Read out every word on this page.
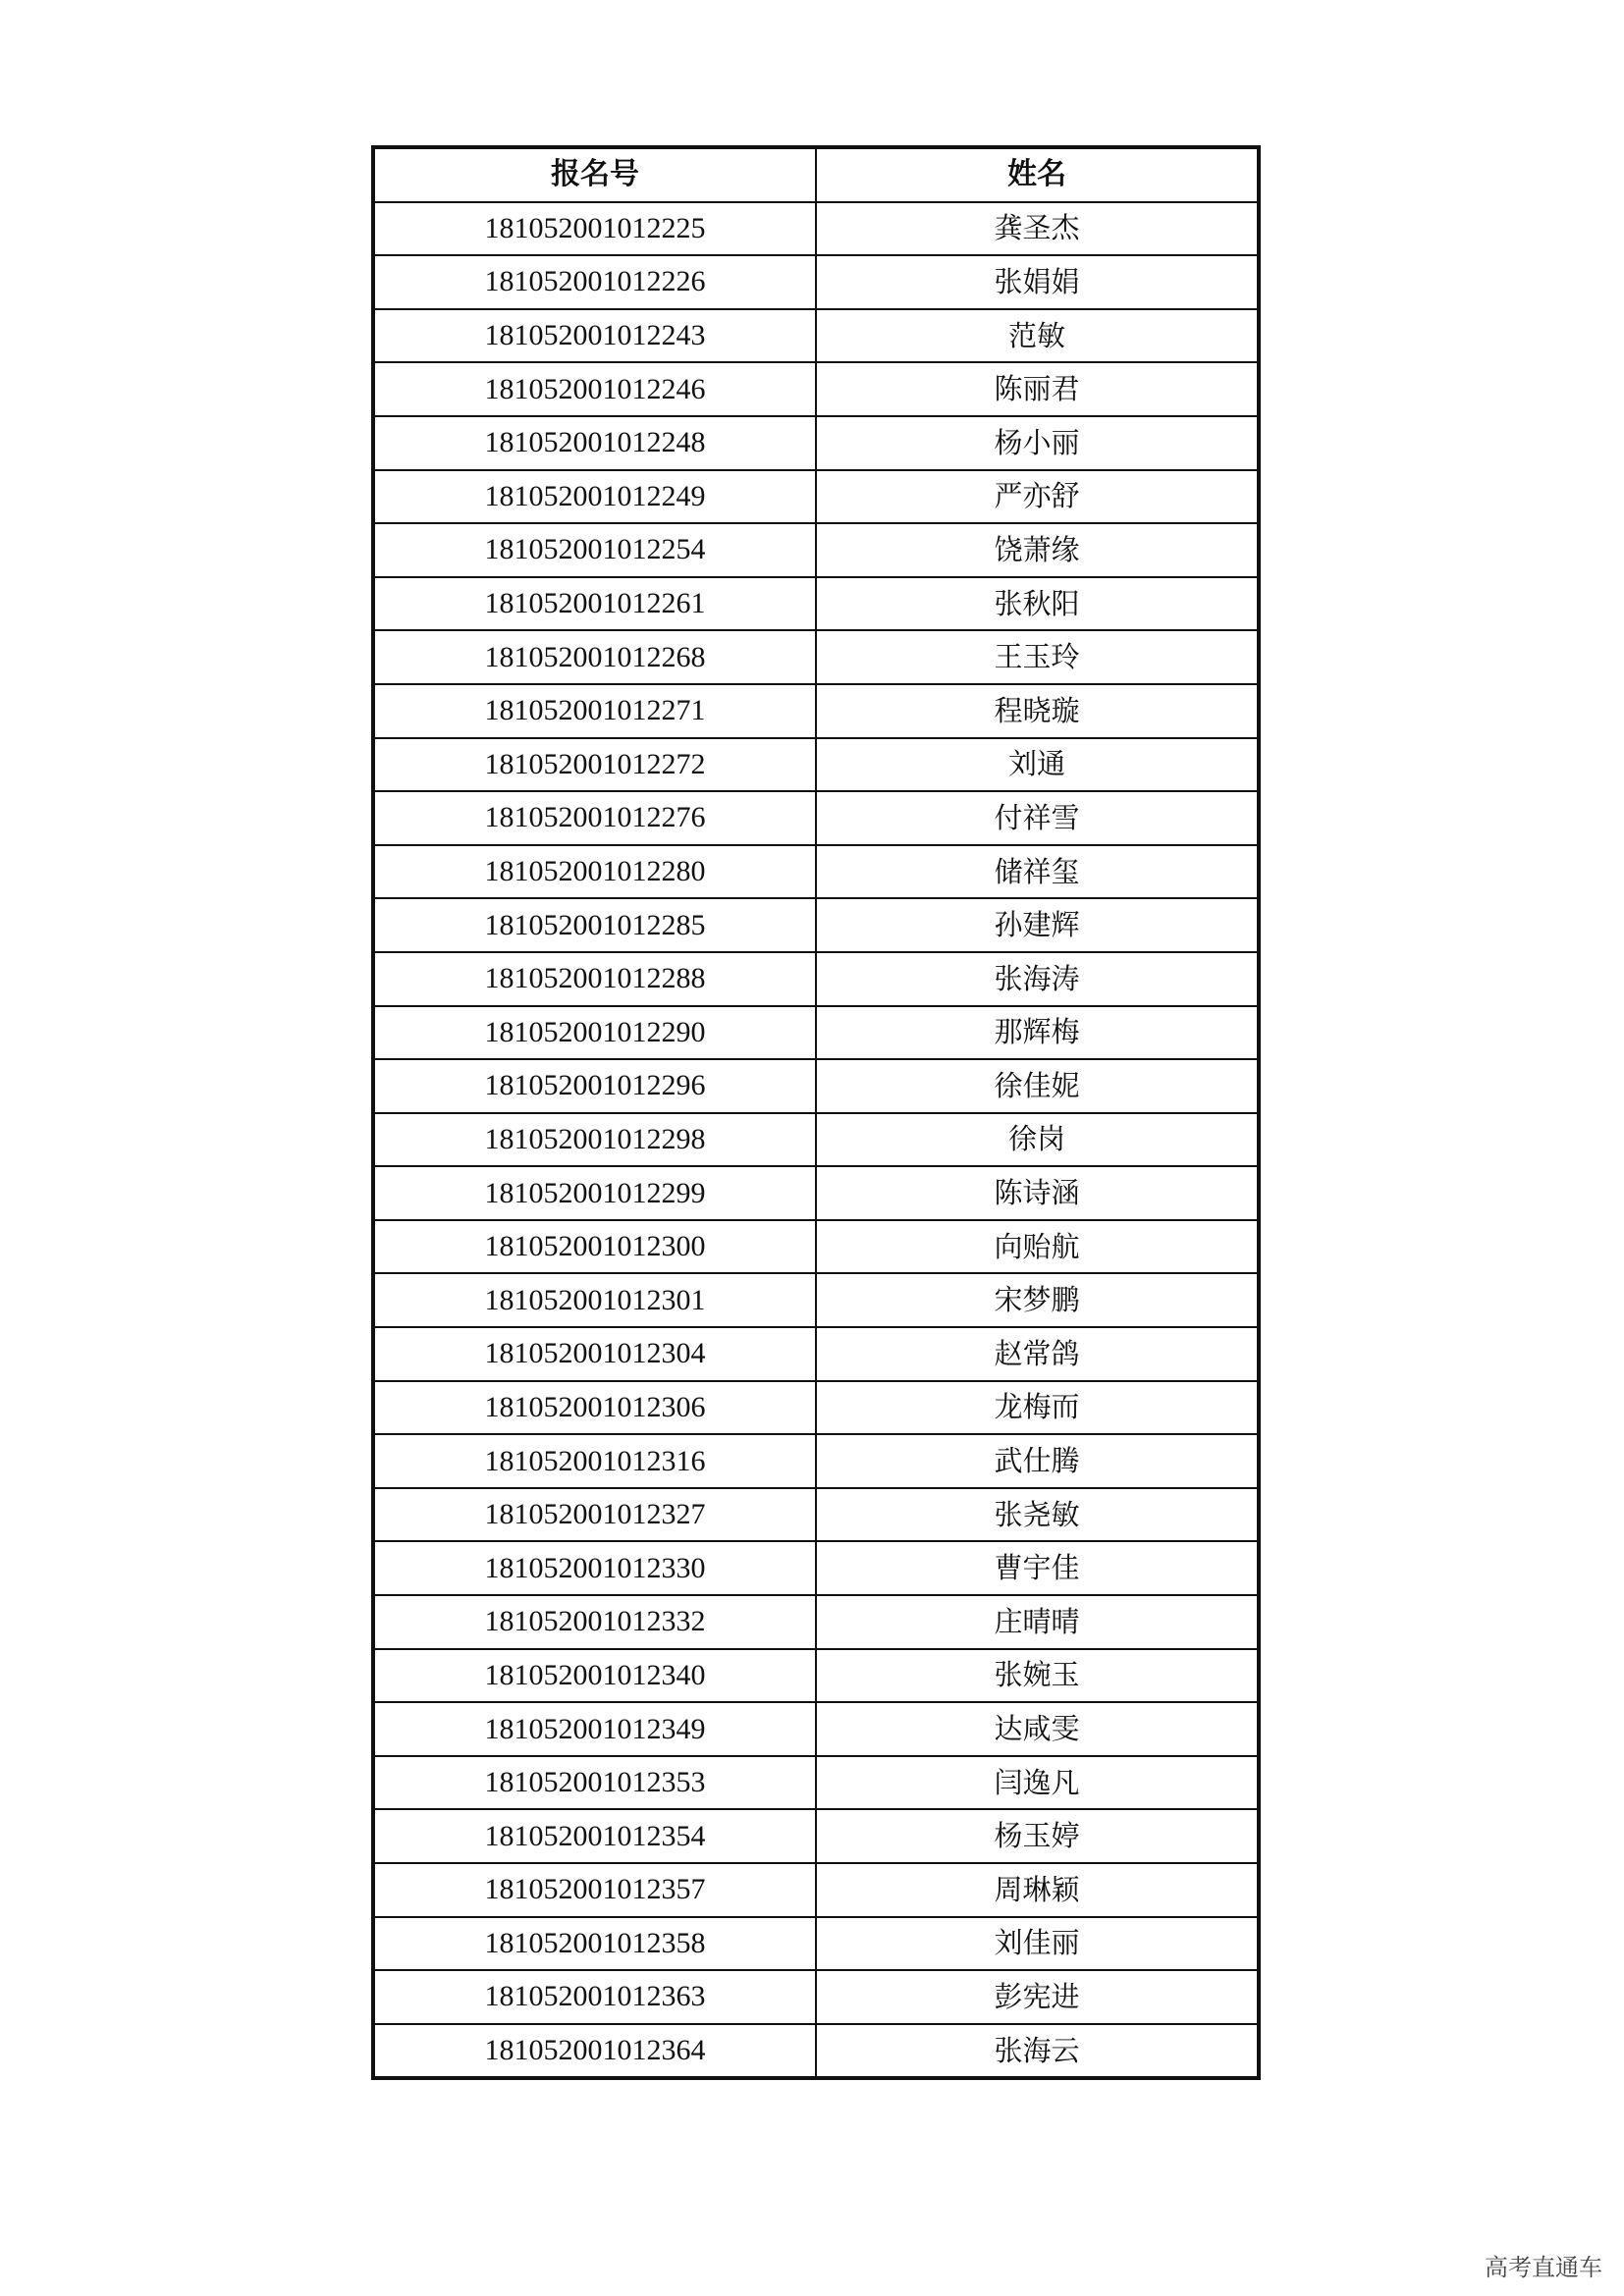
报名号	姓名
181052001012225	龚圣杰
181052001012226	张娟娟
181052001012243	范敏
181052001012246	陈丽君
181052001012248	杨小丽
181052001012249	严亦舒
181052001012254	饶萧缘
181052001012261	张秋阳
181052001012268	王玉玲
181052001012271	程晓璇
181052001012272	刘通
181052001012276	付祥雪
181052001012280	储祥玺
181052001012285	孙建辉
181052001012288	张海涛
181052001012290	那辉梅
181052001012296	徐佳妮
181052001012298	徐岗
181052001012299	陈诗涵
181052001012300	向贻航
181052001012301	宋梦鹏
181052001012304	赵常鸽
181052001012306	龙梅而
181052001012316	武仕腾
181052001012327	张尧敏
181052001012330	曹宇佳
181052001012332	庄晴晴
181052001012340	张婉玉
181052001012349	达咸雯
181052001012353	闫逸凡
181052001012354	杨玉婷
181052001012357	周琳颖
181052001012358	刘佳丽
181052001012363	彭宪进
181052001012364	张海云
高考直通车
